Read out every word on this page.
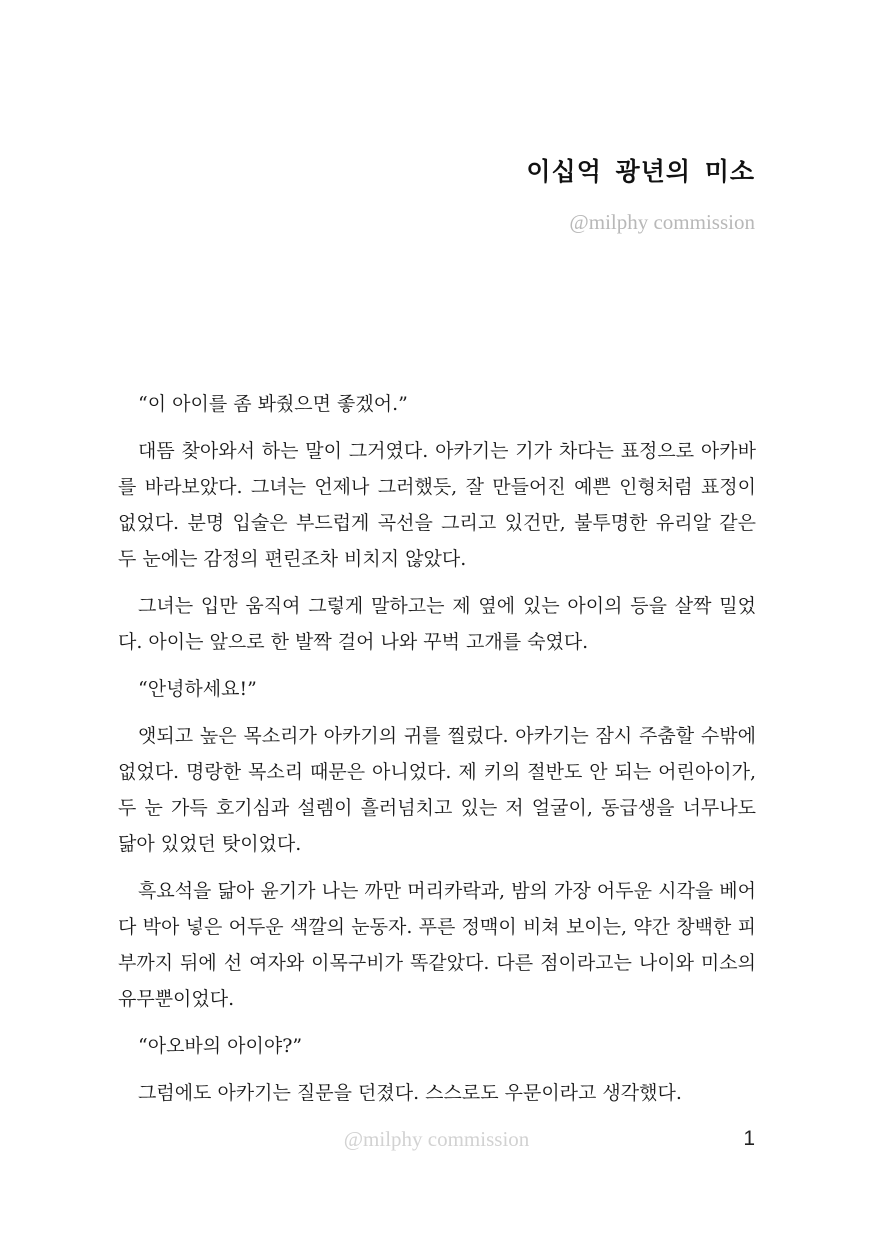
이십억 광년의 미소
@milphy commission

“이 아이를 좀 봐줬으면 좋겠어.”

대뜸 찾아와서 하는 말이 그거였다. 아카기는 기가 차다는 표정으로 아카바를 바라보았다. 그녀는 언제나 그러했듯, 잘 만들어진 예쁜 인형처럼 표정이 없었다. 분명 입술은 부드럽게 곡선을 그리고 있건만, 불투명한 유리알 같은 두 눈에는 감정의 편린조차 비치지 않았다.

그녀는 입만 움직여 그렇게 말하고는 제 옆에 있는 아이의 등을 살짝 밀었다. 아이는 앞으로 한 발짝 걸어 나와 꾸벅 고개를 숙였다.

“안녕하세요!”

앳되고 높은 목소리가 아카기의 귀를 찔렀다. 아카기는 잠시 주춤할 수밖에 없었다. 명랑한 목소리 때문은 아니었다. 제 키의 절반도 안 되는 어린아이가, 두 눈 가득 호기심과 설렘이 흘러넘치고 있는 저 얼굴이, 동급생을 너무나도 닮아 있었던 탓이었다.

흑요석을 닮아 윤기가 나는 까만 머리카락과, 밤의 가장 어두운 시각을 베어다 박아 넣은 어두운 색깔의 눈동자. 푸른 정맥이 비쳐 보이는, 약간 창백한 피부까지 뒤에 선 여자와 이목구비가 똑같았다. 다른 점이라고는 나이와 미소의 유무뿐이었다.

“아오바의 아이야?”

그럼에도 아카기는 질문을 던졌다. 스스로도 우문이라고 생각했다.

@milphy commission	1
